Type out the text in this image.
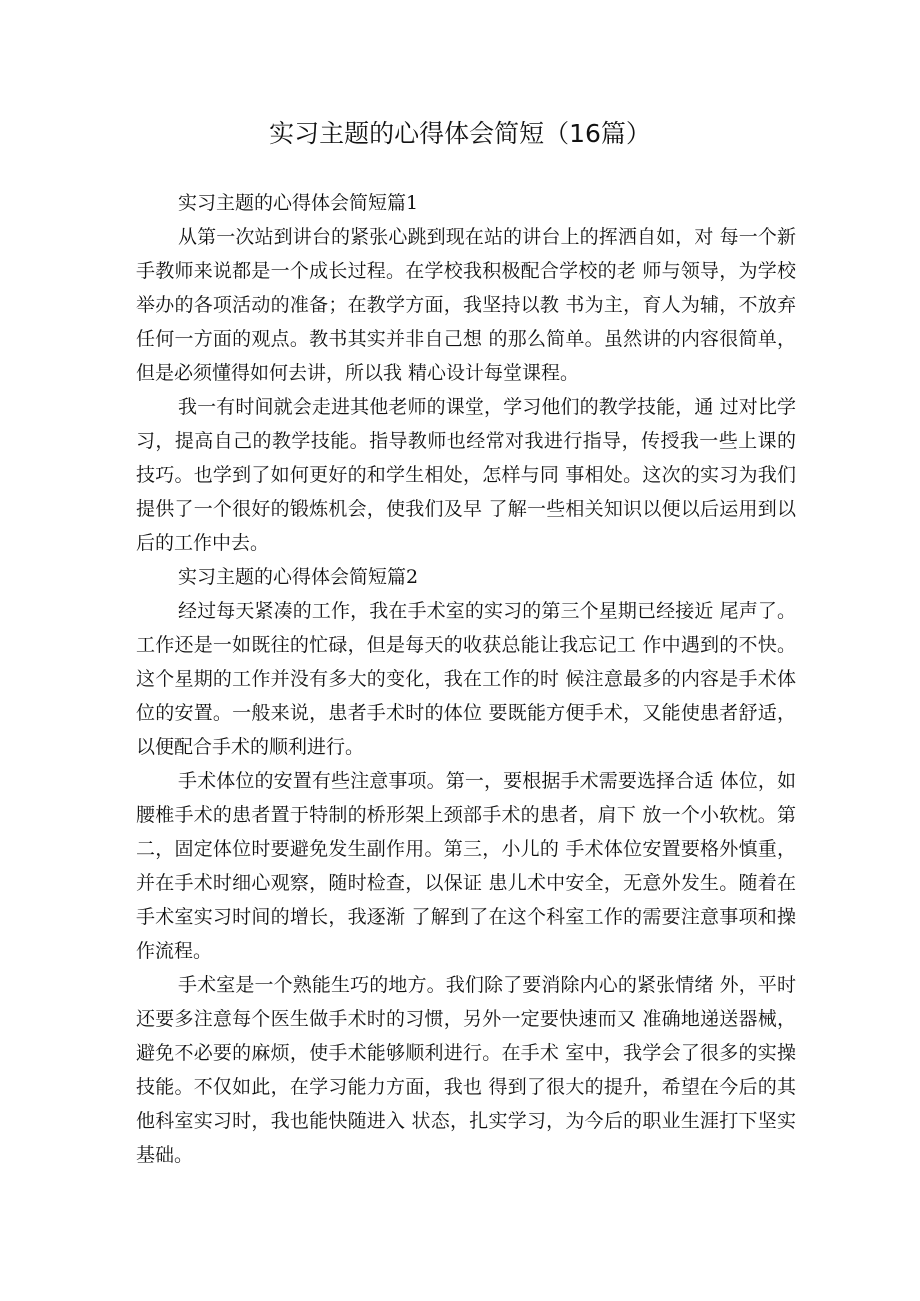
实习主题的心得体会简短（16篇）

实习主题的心得体会简短篇1

从第一次站到讲台的紧张心跳到现在站的讲台上的挥洒自如，对 每一个新手教师来说都是一个成长过程。在学校我积极配合学校的老 师与领导，为学校举办的各项活动的准备；在教学方面，我坚持以教 书为主，育人为辅，不放弃任何一方面的观点。教书其实并非自己想 的那么简单。虽然讲的内容很简单，但是必须懂得如何去讲，所以我 精心设计每堂课程。

我一有时间就会走进其他老师的课堂，学习他们的教学技能，通 过对比学习，提高自己的教学技能。指导教师也经常对我进行指导，传授我一些上课的技巧。也学到了如何更好的和学生相处，怎样与同 事相处。这次的实习为我们提供了一个很好的锻炼机会，使我们及早 了解一些相关知识以便以后运用到以后的工作中去。

实习主题的心得体会简短篇2

经过每天紧凑的工作，我在手术室的实习的第三个星期已经接近 尾声了。工作还是一如既往的忙碌，但是每天的收获总能让我忘记工 作中遇到的不快。这个星期的工作并没有多大的变化，我在工作的时 候注意最多的内容是手术体位的安置。一般来说，患者手术时的体位 要既能方便手术，又能使患者舒适，以便配合手术的顺利进行。

手术体位的安置有些注意事项。第一，要根据手术需要选择合适 体位，如腰椎手术的患者置于特制的桥形架上颈部手术的患者，肩下 放一个小软枕。第二，固定体位时要避免发生副作用。第三，小儿的 手术体位安置要格外慎重，并在手术时细心观察，随时检查，以保证 患儿术中安全，无意外发生。随着在手术室实习时间的增长，我逐渐 了解到了在这个科室工作的需要注意事项和操作流程。

手术室是一个熟能生巧的地方。我们除了要消除内心的紧张情绪 外，平时还要多注意每个医生做手术时的习惯，另外一定要快速而又 准确地递送器械，避免不必要的麻烦，使手术能够顺利进行。在手术 室中，我学会了很多的实操技能。不仅如此，在学习能力方面，我也 得到了很大的提升，希望在今后的其他科室实习时，我也能快随进入 状态，扎实学习，为今后的职业生涯打下坚实基础。
